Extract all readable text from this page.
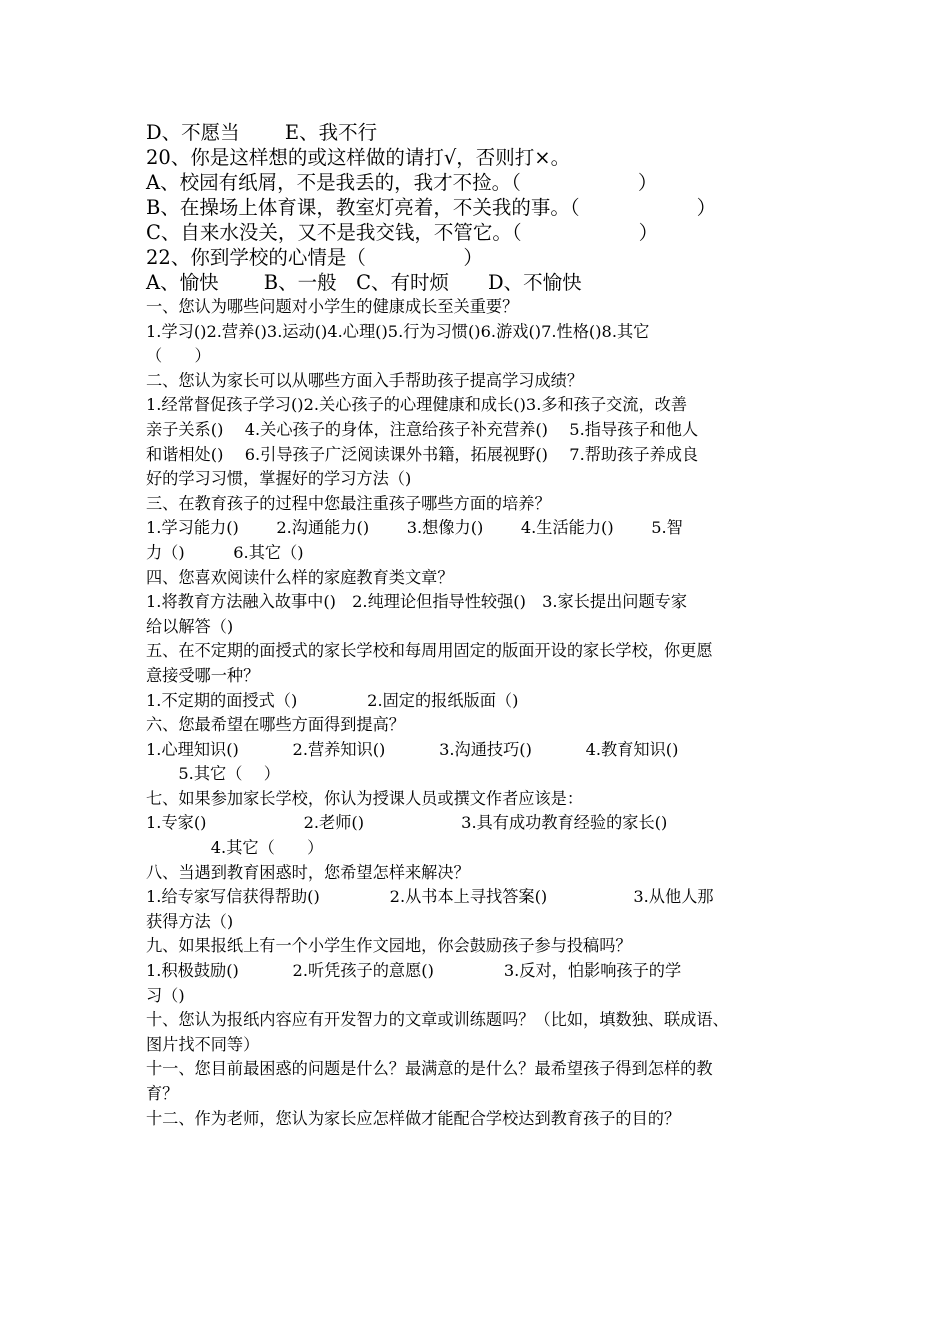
D、不愿当　　 E、我不行
20、你是这样想的或这样做的请打√，否则打×。
A、校园有纸屑，不是我丢的，我才不捡。（　　　　　　）
B、在操场上体育课，教室灯亮着，不关我的事。（　　　　　　）
C、自来水没关，又不是我交钱，不管它。（　　　　　　）
22、你到学校的心情是（　　　　　）
A、愉快　　 B、一般　C、有时烦　　D、不愉快
一、您认为哪些问题对小学生的健康成长至关重要？
1.学习()2.营养()3.运动()4.心理()5.行为习惯()6.游戏()7.性格()8.其它
（　　）
二、您认为家长可以从哪些方面入手帮助孩子提高学习成绩？
1.经常督促孩子学习()2.关心孩子的心理健康和成长()3.多和孩子交流，改善
亲子关系()　 4.关心孩子的身体，注意给孩子补充营养()　 5.指导孩子和他人
和谐相处()　 6.引导孩子广泛阅读课外书籍，拓展视野()　 7.帮助孩子养成良
好的学习习惯，掌握好的学习方法（)
三、在教育孩子的过程中您最注重孩子哪些方面的培养？
1.学习能力()　　 2.沟通能力()　　 3.想像力()　　 4.生活能力()　　 5.智
力（)　　　6.其它（)
四、您喜欢阅读什么样的家庭教育类文章？
1.将教育方法融入故事中()　2.纯理论但指导性较强()　3.家长提出问题专家
给以解答（)
五、在不定期的面授式的家长学校和每周用固定的版面开设的家长学校，你更愿
意接受哪一种？
1.不定期的面授式（)　　　　 2.固定的报纸版面（)
六、您最希望在哪些方面得到提高？
1.心理知识()　　　 2.营养知识()　　　 3.沟通技巧()　　　 4.教育知识()
　　5.其它（　 ）
七、如果参加家长学校，你认为授课人员或撰文作者应该是：
1.专家()　　　　　　2.老师()　　　　　　3.具有成功教育经验的家长()
　　　　4.其它（　　）
八、当遇到教育困惑时，您希望怎样来解决？
1.给专家写信获得帮助()　　　　 2.从书本上寻找答案()　　　　　 3.从他人那
获得方法（)
九、如果报纸上有一个小学生作文园地，你会鼓励孩子参与投稿吗？
1.积极鼓励()　　　 2.听凭孩子的意愿()　　　　 3.反对，怕影响孩子的学
习（)
十、您认为报纸内容应有开发智力的文章或训练题吗？（比如，填数独、联成语、
图片找不同等）
十一、您目前最困惑的问题是什么？最满意的是什么？最希望孩子得到怎样的教
育？
十二、作为老师，您认为家长应怎样做才能配合学校达到教育孩子的目的？
